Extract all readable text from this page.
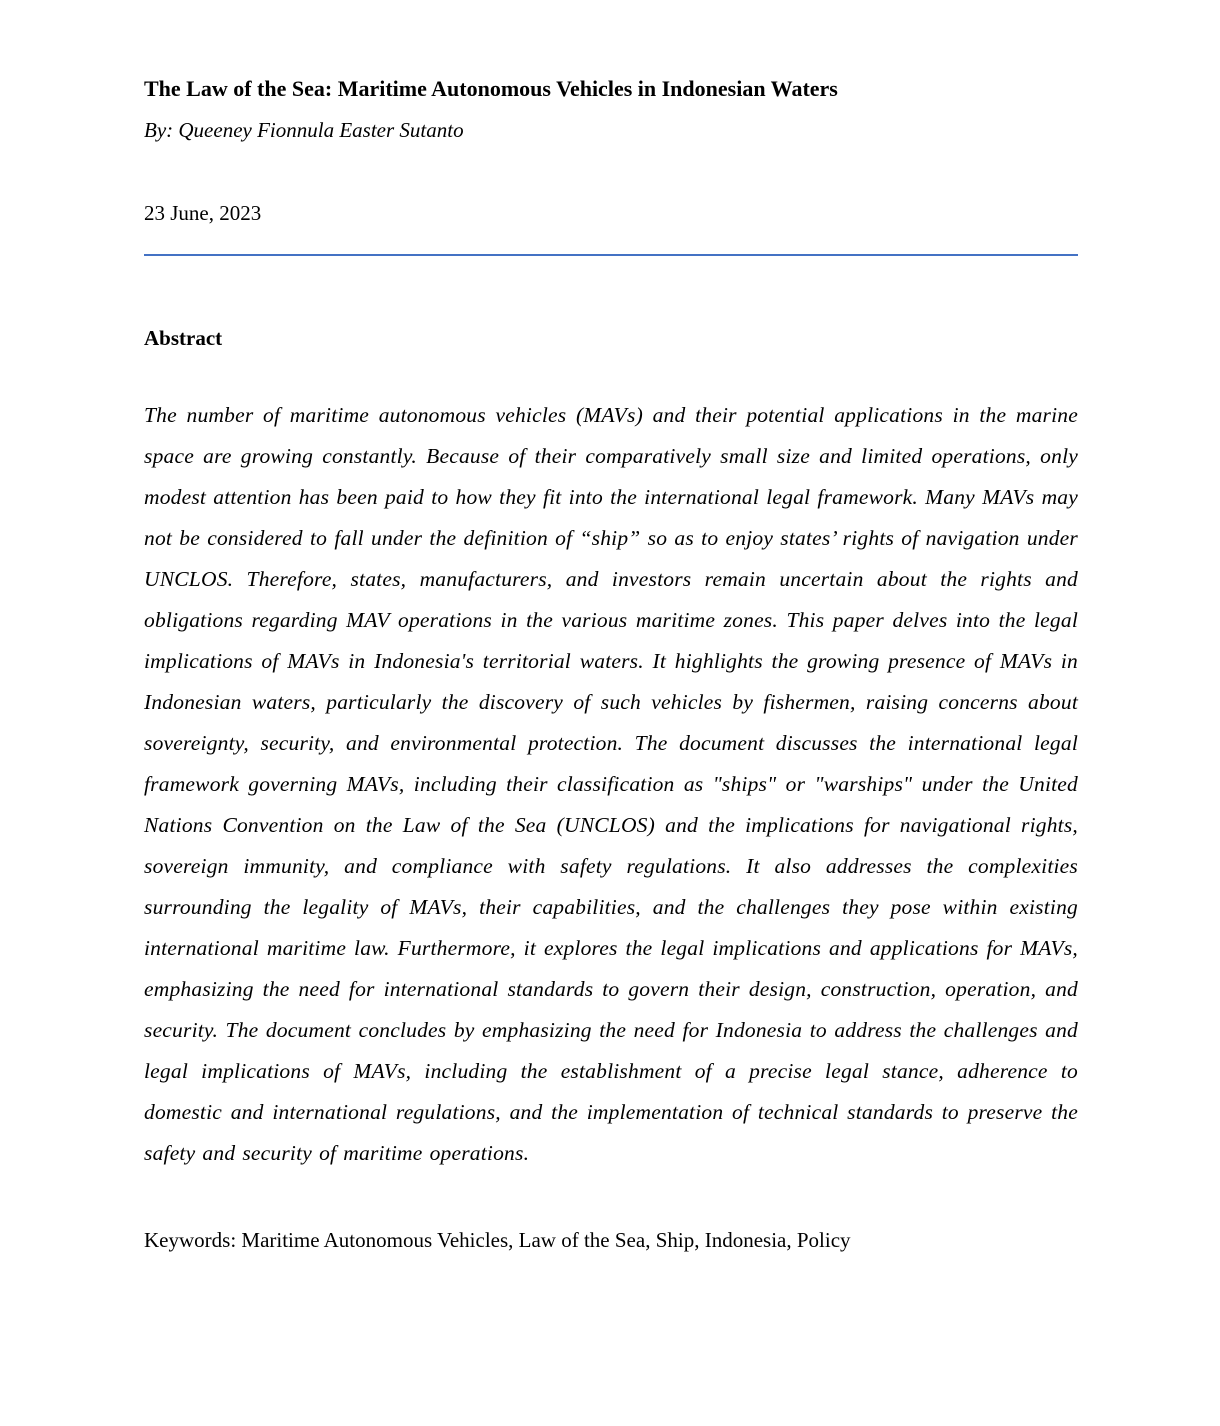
The Law of the Sea: Maritime Autonomous Vehicles in Indonesian Waters

By: Queeney Fionnula Easter Sutanto

23 June, 2023

Abstract

The number of maritime autonomous vehicles (MAVs) and their potential applications in the marine space are growing constantly. Because of their comparatively small size and limited operations, only modest attention has been paid to how they fit into the international legal framework. Many MAVs may not be considered to fall under the definition of “ship” so as to enjoy states’ rights of navigation under UNCLOS. Therefore, states, manufacturers, and investors remain uncertain about the rights and obligations regarding MAV operations in the various maritime zones. This paper delves into the legal implications of MAVs in Indonesia's territorial waters. It highlights the growing presence of MAVs in Indonesian waters, particularly the discovery of such vehicles by fishermen, raising concerns about sovereignty, security, and environmental protection. The document discusses the international legal framework governing MAVs, including their classification as "ships" or "warships" under the United Nations Convention on the Law of the Sea (UNCLOS) and the implications for navigational rights, sovereign immunity, and compliance with safety regulations. It also addresses the complexities surrounding the legality of MAVs, their capabilities, and the challenges they pose within existing international maritime law. Furthermore, it explores the legal implications and applications for MAVs, emphasizing the need for international standards to govern their design, construction, operation, and security. The document concludes by emphasizing the need for Indonesia to address the challenges and legal implications of MAVs, including the establishment of a precise legal stance, adherence to domestic and international regulations, and the implementation of technical standards to preserve the safety and security of maritime operations.

Keywords: Maritime Autonomous Vehicles, Law of the Sea, Ship, Indonesia, Policy
